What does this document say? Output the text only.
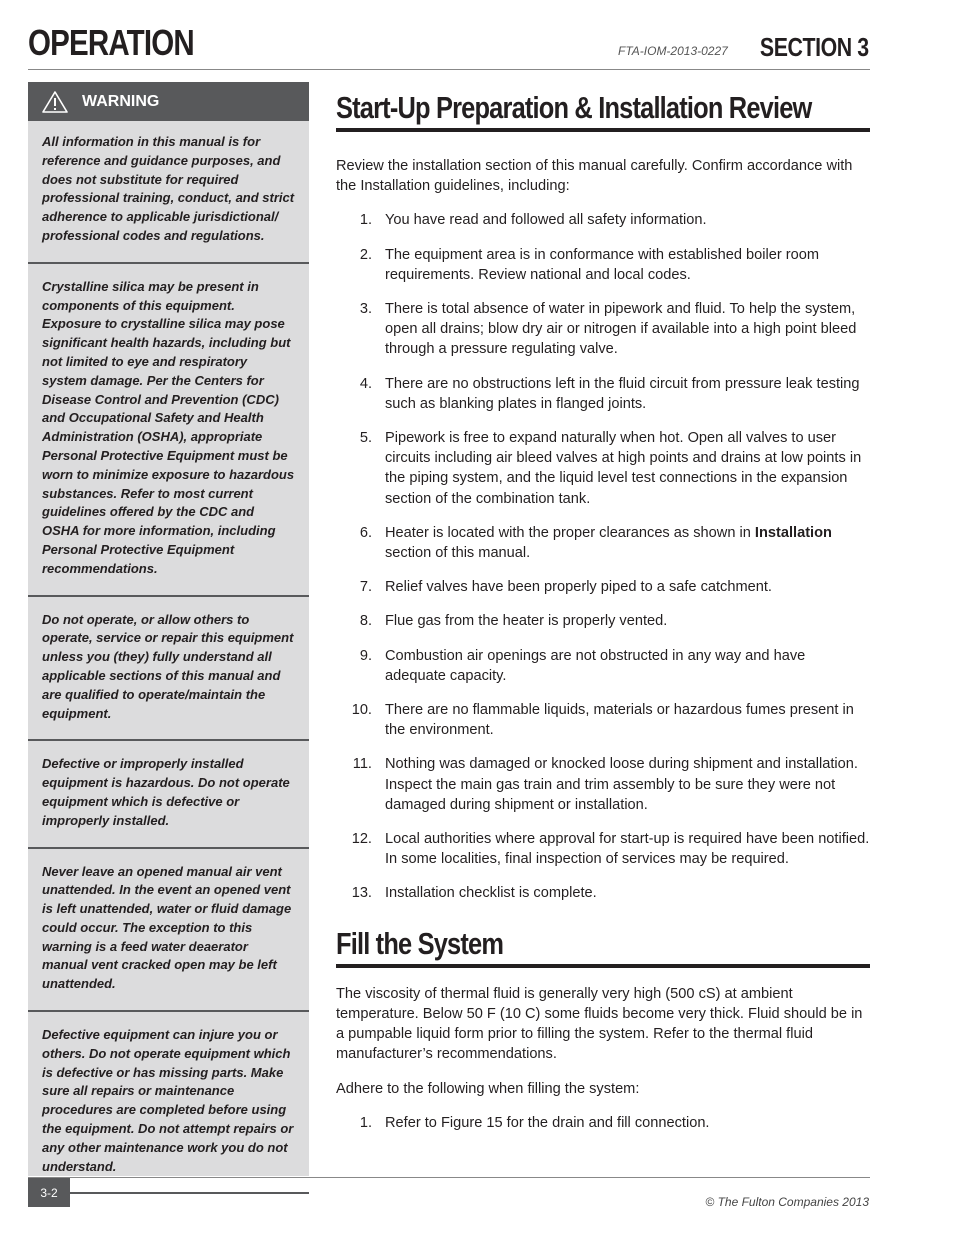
OPERATION	FTA-IOM-2013-0227 SECTION 3
WARNING
All information in this manual is for reference and guidance purposes, and does not substitute for required professional training, conduct, and strict adherence to applicable jurisdictional/ professional codes and regulations.
Crystalline silica may be present in components of this equipment. Exposure to crystalline silica may pose significant health hazards, including but not limited to eye and respiratory system damage. Per the Centers for Disease Control and Prevention (CDC) and Occupational Safety and Health Administration (OSHA), appropriate Personal Protective Equipment must be worn to minimize exposure to hazardous substances. Refer to most current guidelines offered by the CDC and OSHA for more information, including Personal Protective Equipment recommendations.
Do not operate, or allow others to operate, service or repair this equipment unless you (they) fully understand all applicable sections of this manual and are qualified to operate/maintain the equipment.
Defective or improperly installed equipment is hazardous. Do not operate equipment which is defective or improperly installed.
Never leave an opened manual air vent unattended. In the event an opened vent is left unattended, water or fluid damage could occur. The exception to this warning is a feed water deaerator manual vent cracked open may be left unattended.
Defective equipment can injure you or others. Do not operate equipment which is defective or has missing parts. Make sure all repairs or maintenance procedures are completed before using the equipment. Do not attempt repairs or any other maintenance work you do not understand.
Start-Up Preparation & Installation Review

Review the installation section of this manual carefully. Confirm accordance with the Installation guidelines, including:

1. You have read and followed all safety information.
2. The equipment area is in conformance with established boiler room requirements. Review national and local codes.
3. There is total absence of water in pipework and fluid. To help the system, open all drains; blow dry air or nitrogen if available into a high point bleed through a pressure regulating valve.
4. There are no obstructions left in the fluid circuit from pressure leak testing such as blanking plates in flanged joints.
5. Pipework is free to expand naturally when hot. Open all valves to user circuits including air bleed valves at high points and drains at low points in the piping system, and the liquid level test connections in the expansion section of the combination tank.
6. Heater is located with the proper clearances as shown in Installation section of this manual.
7. Relief valves have been properly piped to a safe catchment.
8. Flue gas from the heater is properly vented.
9. Combustion air openings are not obstructed in any way and have adequate capacity.
10. There are no flammable liquids, materials or hazardous fumes present in the environment.
11. Nothing was damaged or knocked loose during shipment and installation. Inspect the main gas train and trim assembly to be sure they were not damaged during shipment or installation.
12. Local authorities where approval for start-up is required have been notified. In some localities, final inspection of services may be required.
13. Installation checklist is complete.
Fill the System

The viscosity of thermal fluid is generally very high (500 cS) at ambient temperature. Below 50 F (10 C) some fluids become very thick. Fluid should be in a pumpable liquid form prior to filling the system. Refer to the thermal fluid manufacturer’s recommendations.

Adhere to the following when filling the system:

1. Refer to Figure 15 for the drain and fill connection.
3-2
© The Fulton Companies 2013
